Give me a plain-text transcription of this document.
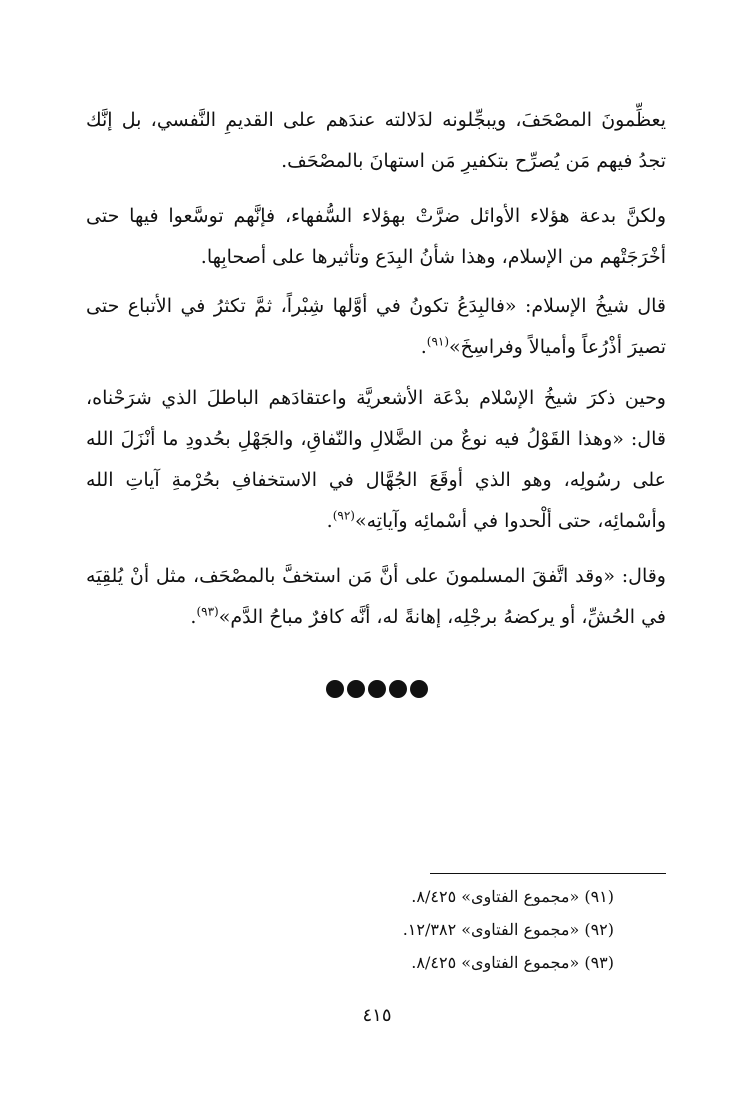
يعظِّمونَ المصْحَفَ، ويبجِّلونه لدَلالته عندَهم على القديمِ النَّفسي، بل إنَّك تجدُ فيهم مَن يُصرِّح بتكفيرِ مَن استهانَ بالمصْحَف.

ولكنَّ بدعة هؤلاء الأوائل ضرَّتْ بهؤلاء السُّفهاء، فإنَّهم توسَّعوا فيها حتى أخْرَجَتْهم من الإسلام، وهذا شأنُ البِدَع وتأثيرها على أصحابِها.

قال شيخُ الإسلام: «فالبِدَعُ تكونُ في أوَّلها شِبْراً، ثمَّ تكثرُ في الأتباع حتى تصيرَ أذْرُعاً وأميالاً وفراسِخَ»$^{(٩١)}$.

وحين ذكرَ شيخُ الإسْلام بدْعَة الأشعريَّة واعتقادَهم الباطلَ الذي شرَحْناه، قال: «وهذا القَوْلُ فيه نوعٌ من الضَّلالِ والنّفاقِ، والجَهْلِ بحُدودِ ما أنْزَلَ الله على رسُولِه، وهو الذي أوقَعَ الجُهَّال في الاستخفافِ بحُرْمةِ آياتِ الله وأسْمائِه، حتى ألْحدوا في أسْمائِه وآياتِه»$^{(٩٢)}$.

وقال: «وقد اتَّفقَ المسلمونَ على أنَّ مَن استخفَّ بالمصْحَف، مثل أنْ يُلقِيَه في الحُشِّ، أو يركضهُ برجْلِه، إهانةً له، أنَّه كافرٌ مباحُ الدَّم»$^{(٩٣)}$.

(٩١) «مجموع الفتاوى» ٨/٤٢٥.

(٩٢) «مجموع الفتاوى» ١٢/٣٨٢.

(٩٣) «مجموع الفتاوى» ٨/٤٢٥.

٤١٥
